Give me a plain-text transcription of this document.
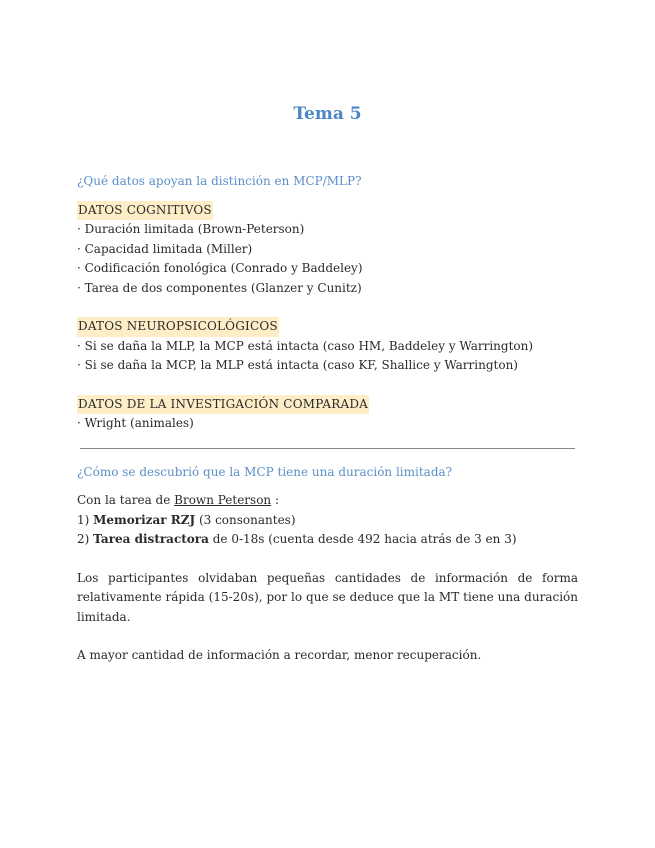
Tema 5

¿Qué datos apoyan la distinción en MCP/MLP?

DATOS COGNITIVOS

· Duración limitada (Brown-Peterson)

· Capacidad limitada (Miller)

· Codificación fonológica (Conrado y Baddeley)

· Tarea de dos componentes (Glanzer y Cunitz)

DATOS NEUROPSICOLÓGICOS

· Si se daña la MLP, la MCP está intacta (caso HM, Baddeley y Warrington)

· Si se daña la MCP, la MLP está intacta (caso KF, Shallice y Warrington)

DATOS DE LA INVESTIGACIÓN COMPARADA

· Wright (animales)

¿Cómo se descubrió que la MCP tiene una duración limitada?

Con la tarea de Brown Peterson :

1) Memorizar RZJ (3 consonantes)

2) Tarea distractora de 0-18s (cuenta desde 492 hacia atrás de 3 en 3)

Los participantes olvidaban pequeñas cantidades de información de forma relativamente rápida (15-20s), por lo que se deduce que la MT tiene una duración limitada.

A mayor cantidad de información a recordar, menor recuperación.
